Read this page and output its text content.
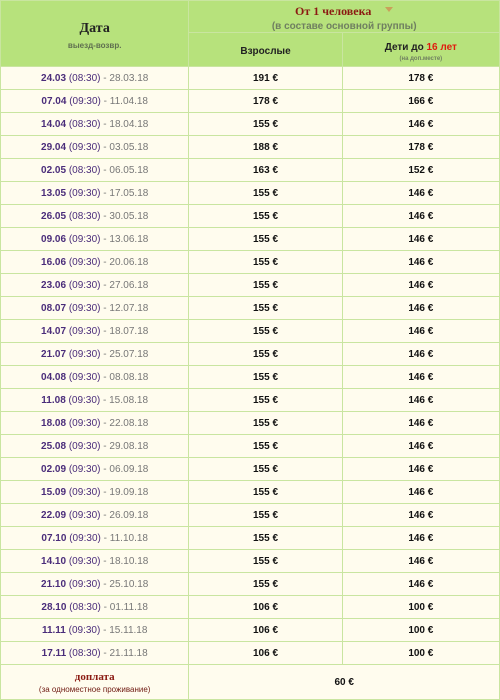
Дата
выезд-возвр.	От 1 человека
(в составе основной группы)	

	Взрослые	Дети до 16 лет
(на доп.месте)

24.03 (08:30) - 28.03.18	191 €	178 €
07.04 (09:30) - 11.04.18	178 €	166 €
14.04 (08:30) - 18.04.18	155 €	146 €
29.04 (09:30) - 03.05.18	188 €	178 €
02.05 (08:30) - 06.05.18	163 €	152 €
13.05 (09:30) - 17.05.18	155 €	146 €
26.05 (08:30) - 30.05.18	155 €	146 €
09.06 (09:30) - 13.06.18	155 €	146 €
16.06 (09:30) - 20.06.18	155 €	146 €
23.06 (09:30) - 27.06.18	155 €	146 €
08.07 (09:30) - 12.07.18	155 €	146 €
14.07 (09:30) - 18.07.18	155 €	146 €
21.07 (09:30) - 25.07.18	155 €	146 €
04.08 (09:30) - 08.08.18	155 €	146 €
11.08 (09:30) - 15.08.18	155 €	146 €
18.08 (09:30) - 22.08.18	155 €	146 €
25.08 (09:30) - 29.08.18	155 €	146 €
02.09 (09:30) - 06.09.18	155 €	146 €
15.09 (09:30) - 19.09.18	155 €	146 €
22.09 (09:30) - 26.09.18	155 €	146 €
07.10 (09:30) - 11.10.18	155 €	146 €
14.10 (09:30) - 18.10.18	155 €	146 €
21.10 (09:30) - 25.10.18	155 €	146 €
28.10 (08:30) - 01.11.18	106 €	100 €
11.11 (09:30) - 15.11.18	106 €	100 €
17.11 (08:30) - 21.11.18	106 €	100 €

доплата
(за одноместное проживание)	60 €	
